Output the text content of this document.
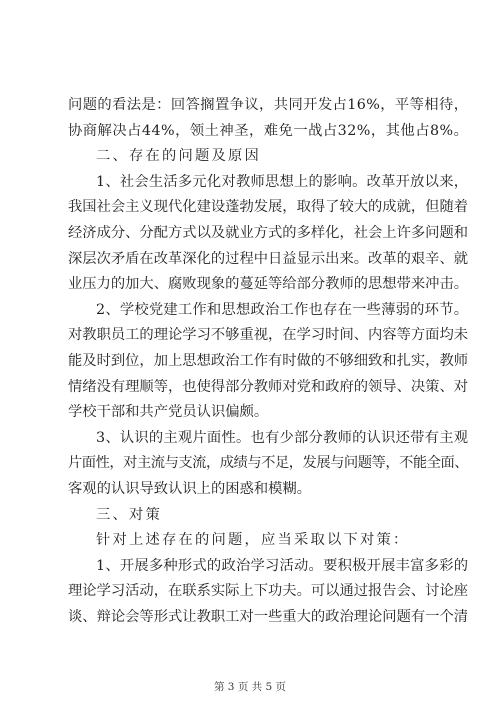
问题的看法是：回答搁置争议，共同开发占16%，平等相待，
协商解决占44%，领土神圣，难免一战占32%，其他占8%。
二、存在的问题及原因
1、社会生活多元化对教师思想上的影响。改革开放以来，
我国社会主义现代化建设蓬勃发展，取得了较大的成就，但随着
经济成分、分配方式以及就业方式的多样化，社会上许多问题和
深层次矛盾在改革深化的过程中日益显示出来。改革的艰辛、就
业压力的加大、腐败现象的蔓延等给部分教师的思想带来冲击。
2、学校党建工作和思想政治工作也存在一些薄弱的环节。
对教职员工的理论学习不够重视，在学习时间、内容等方面均未
能及时到位，加上思想政治工作有时做的不够细致和扎实，教师
情绪没有理顺等，也使得部分教师对党和政府的领导、决策、对
学校干部和共产党员认识偏颇。
3、认识的主观片面性。也有少部分教师的认识还带有主观
片面性，对主流与支流，成绩与不足，发展与问题等，不能全面、
客观的认识导致认识上的困惑和模糊。
三、对策
针对上述存在的问题，应当采取以下对策：
1、开展多种形式的政治学习活动。要积极开展丰富多彩的
理论学习活动，在联系实际上下功夫。可以通过报告会、讨论座
谈、辩论会等形式让教职工对一些重大的政治理论问题有一个清
第 3 页 共 5 页
